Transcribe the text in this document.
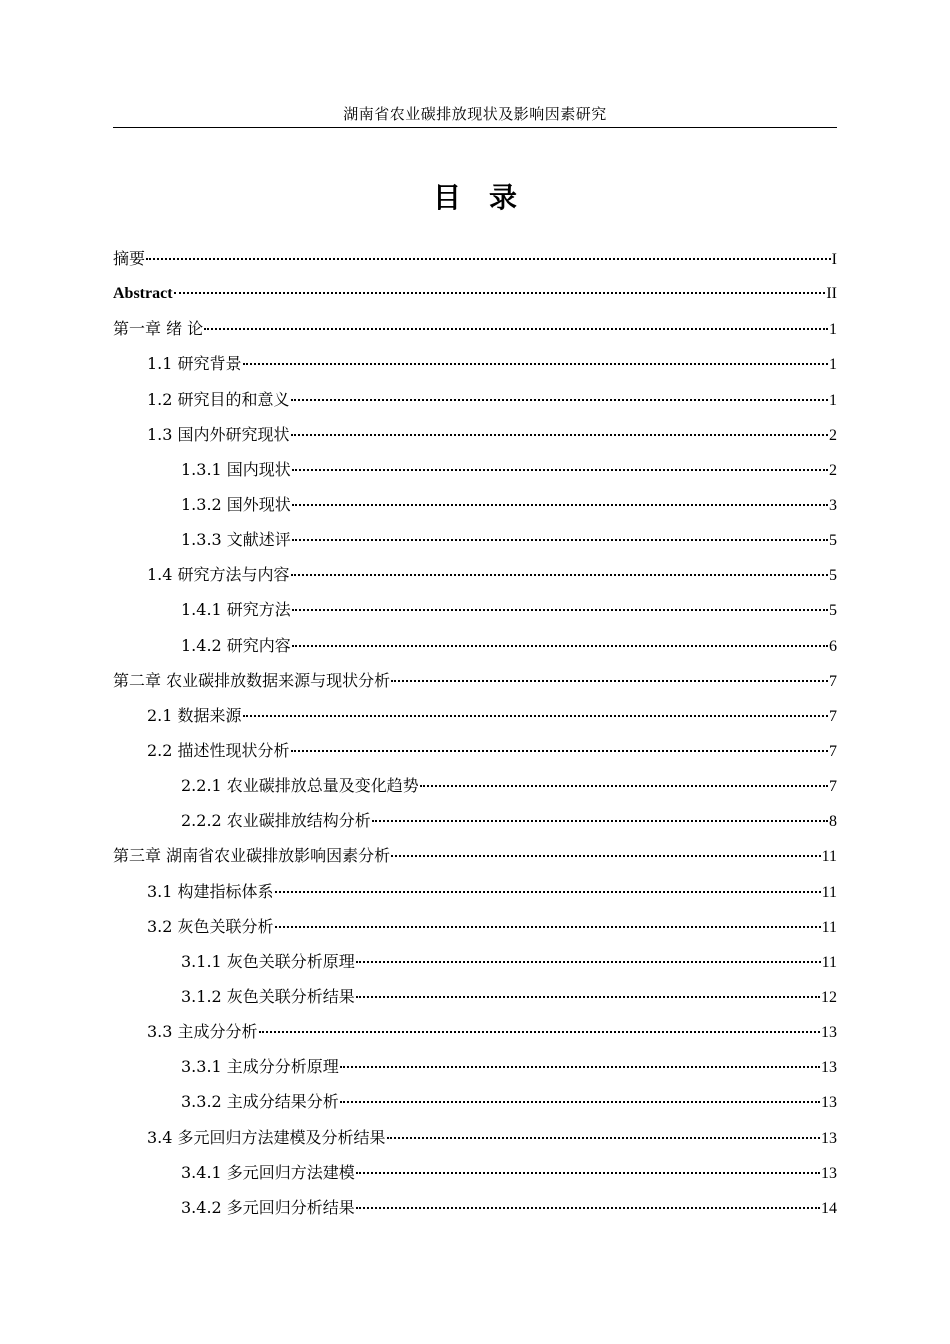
湖南省农业碳排放现状及影响因素研究
目录
摘要	I
Abstract	II
第一章 绪 论	1
1.1 研究背景	1
1.2 研究目的和意义	1
1.3 国内外研究现状	2
1.3.1 国内现状	2
1.3.2 国外现状	3
1.3.3 文献述评	5
1.4 研究方法与内容	5
1.4.1 研究方法	5
1.4.2 研究内容	6
第二章 农业碳排放数据来源与现状分析	7
2.1 数据来源	7
2.2 描述性现状分析	7
2.2.1 农业碳排放总量及变化趋势	7
2.2.2 农业碳排放结构分析	8
第三章 湖南省农业碳排放影响因素分析	11
3.1 构建指标体系	11
3.2 灰色关联分析	11
3.1.1 灰色关联分析原理	11
3.1.2 灰色关联分析结果	12
3.3 主成分分析	13
3.3.1 主成分分析原理	13
3.3.2 主成分结果分析	13
3.4 多元回归方法建模及分析结果	13
3.4.1 多元回归方法建模	13
3.4.2 多元回归分析结果	14
